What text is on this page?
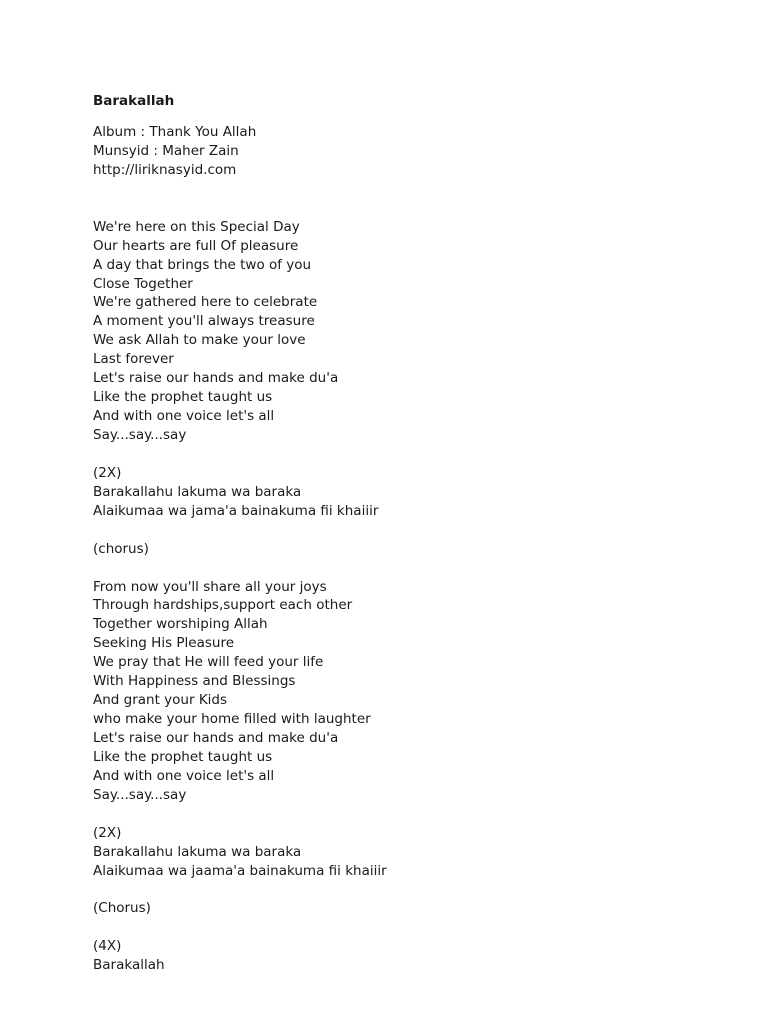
Barakallah
Album : Thank You Allah
Munsyid : Maher Zain
http://liriknasyid.com
We're here on this Special Day
Our hearts are full Of pleasure
A day that brings the two of you
Close Together
We're gathered here to celebrate
A moment you'll always treasure
We ask Allah to make your love
Last forever
Let's raise our hands and make du'a
Like the prophet taught us
And with one voice let's all
Say...say...say
(2X)
Barakallahu lakuma wa baraka
Alaikumaa wa jama'a bainakuma fii khaiiir
(chorus)
From now you'll share all your joys
Through hardships,support each other
Together worshiping Allah
Seeking His Pleasure
We pray that He will feed your life
With Happiness and Blessings
And grant your Kids
who make your home filled with laughter
Let's raise our hands and make du'a
Like the prophet taught us
And with one voice let's all
Say...say...say
(2X)
Barakallahu lakuma wa baraka
Alaikumaa wa jaama'a bainakuma fii khaiiir
(Chorus)
(4X)
Barakallah
